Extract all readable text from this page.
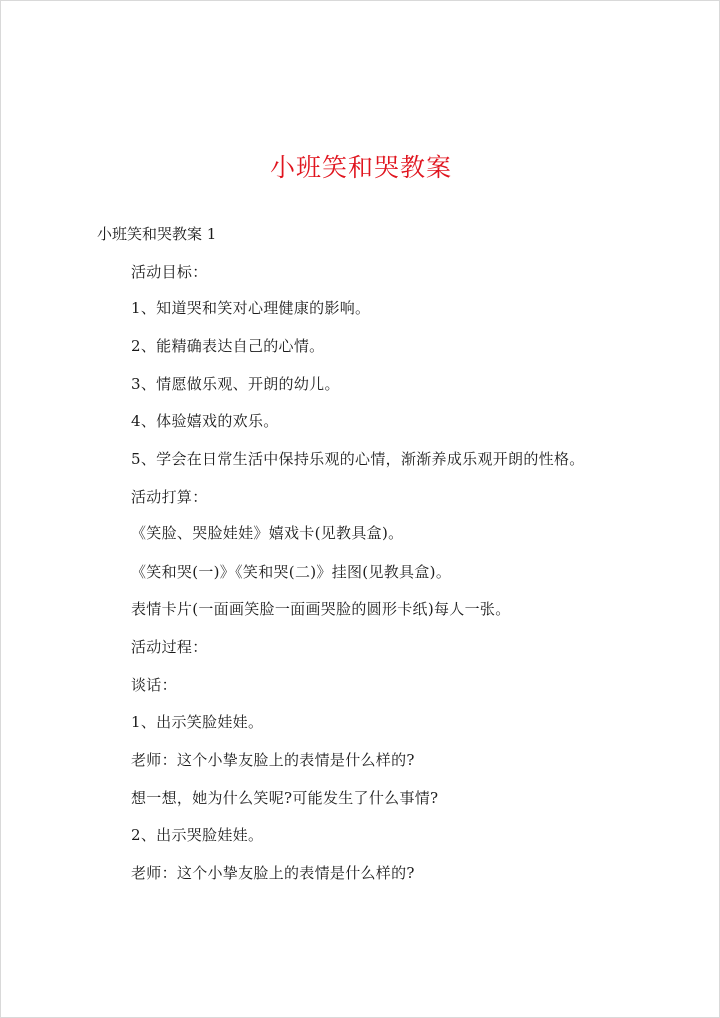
小班笑和哭教案
小班笑和哭教案 1

活动目标：

1、知道哭和笑对心理健康的影响。

2、能精确表达自己的心情。

3、情愿做乐观、开朗的幼儿。

4、体验嬉戏的欢乐。

5、学会在日常生活中保持乐观的心情，渐渐养成乐观开朗的性格。

活动打算：

《笑脸、哭脸娃娃》嬉戏卡(见教具盒)。

《笑和哭(一)》《笑和哭(二)》挂图(见教具盒)。

表情卡片(一面画笑脸一面画哭脸的圆形卡纸)每人一张。

活动过程：

谈话：

1、出示笑脸娃娃。

老师：这个小挚友脸上的表情是什么样的?

想一想，她为什么笑呢?可能发生了什么事情?

2、出示哭脸娃娃。

老师：这个小挚友脸上的表情是什么样的?
